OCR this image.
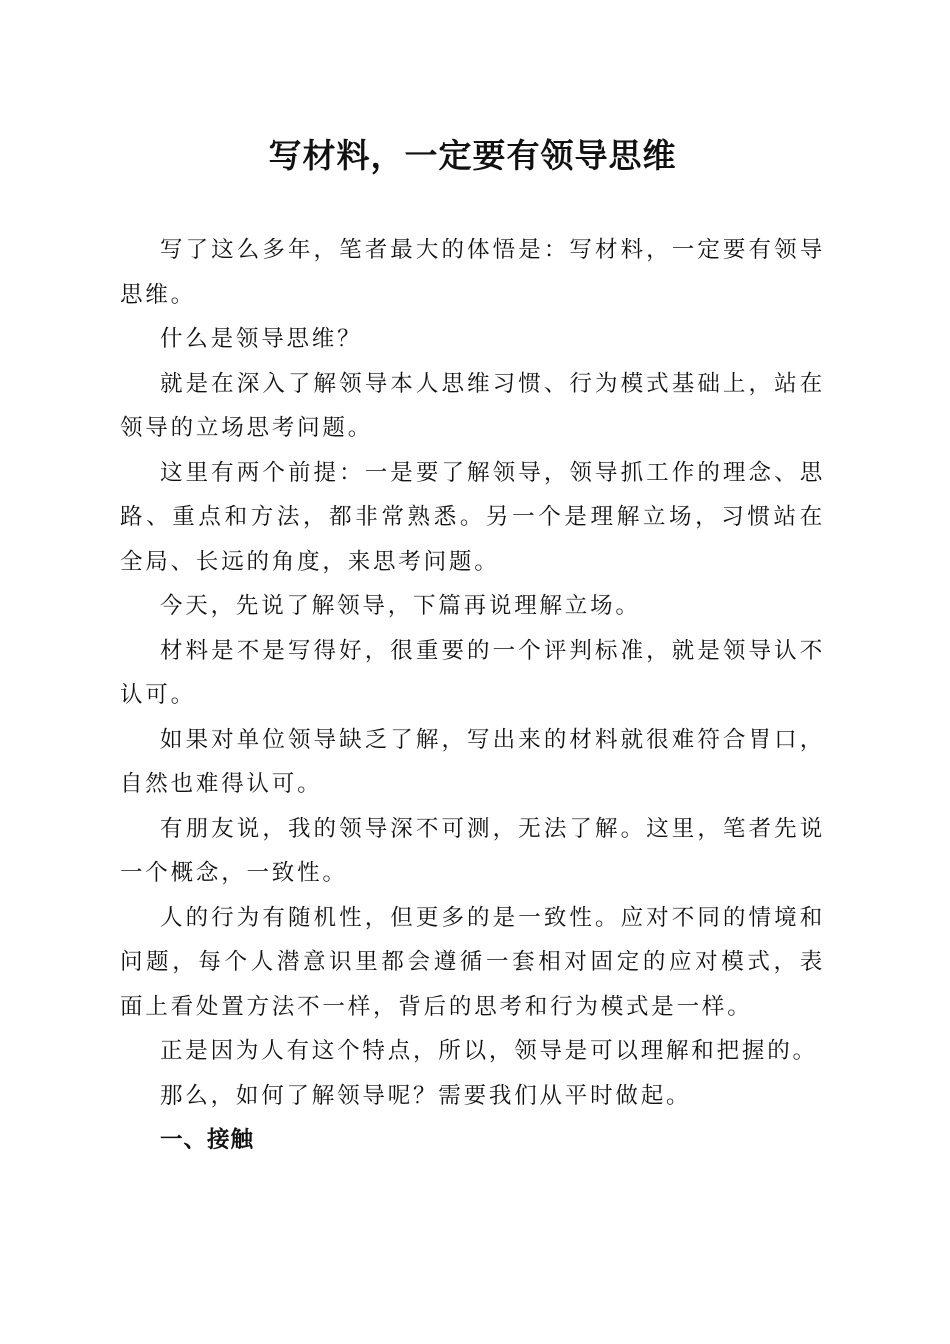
写材料，一定要有领导思维

写了这么多年，笔者最大的体悟是：写材料，一定要有领导思维。

什么是领导思维？

就是在深入了解领导本人思维习惯、行为模式基础上，站在领导的立场思考问题。

这里有两个前提：一是要了解领导，领导抓工作的理念、思路、重点和方法，都非常熟悉。另一个是理解立场，习惯站在全局、长远的角度，来思考问题。

今天，先说了解领导，下篇再说理解立场。

材料是不是写得好，很重要的一个评判标准，就是领导认不认可。

如果对单位领导缺乏了解，写出来的材料就很难符合胃口，自然也难得认可。

有朋友说，我的领导深不可测，无法了解。这里，笔者先说一个概念，一致性。

人的行为有随机性，但更多的是一致性。应对不同的情境和问题，每个人潜意识里都会遵循一套相对固定的应对模式，表面上看处置方法不一样，背后的思考和行为模式是一样。

正是因为人有这个特点，所以，领导是可以理解和把握的。

那么，如何了解领导呢？需要我们从平时做起。

一、接触
